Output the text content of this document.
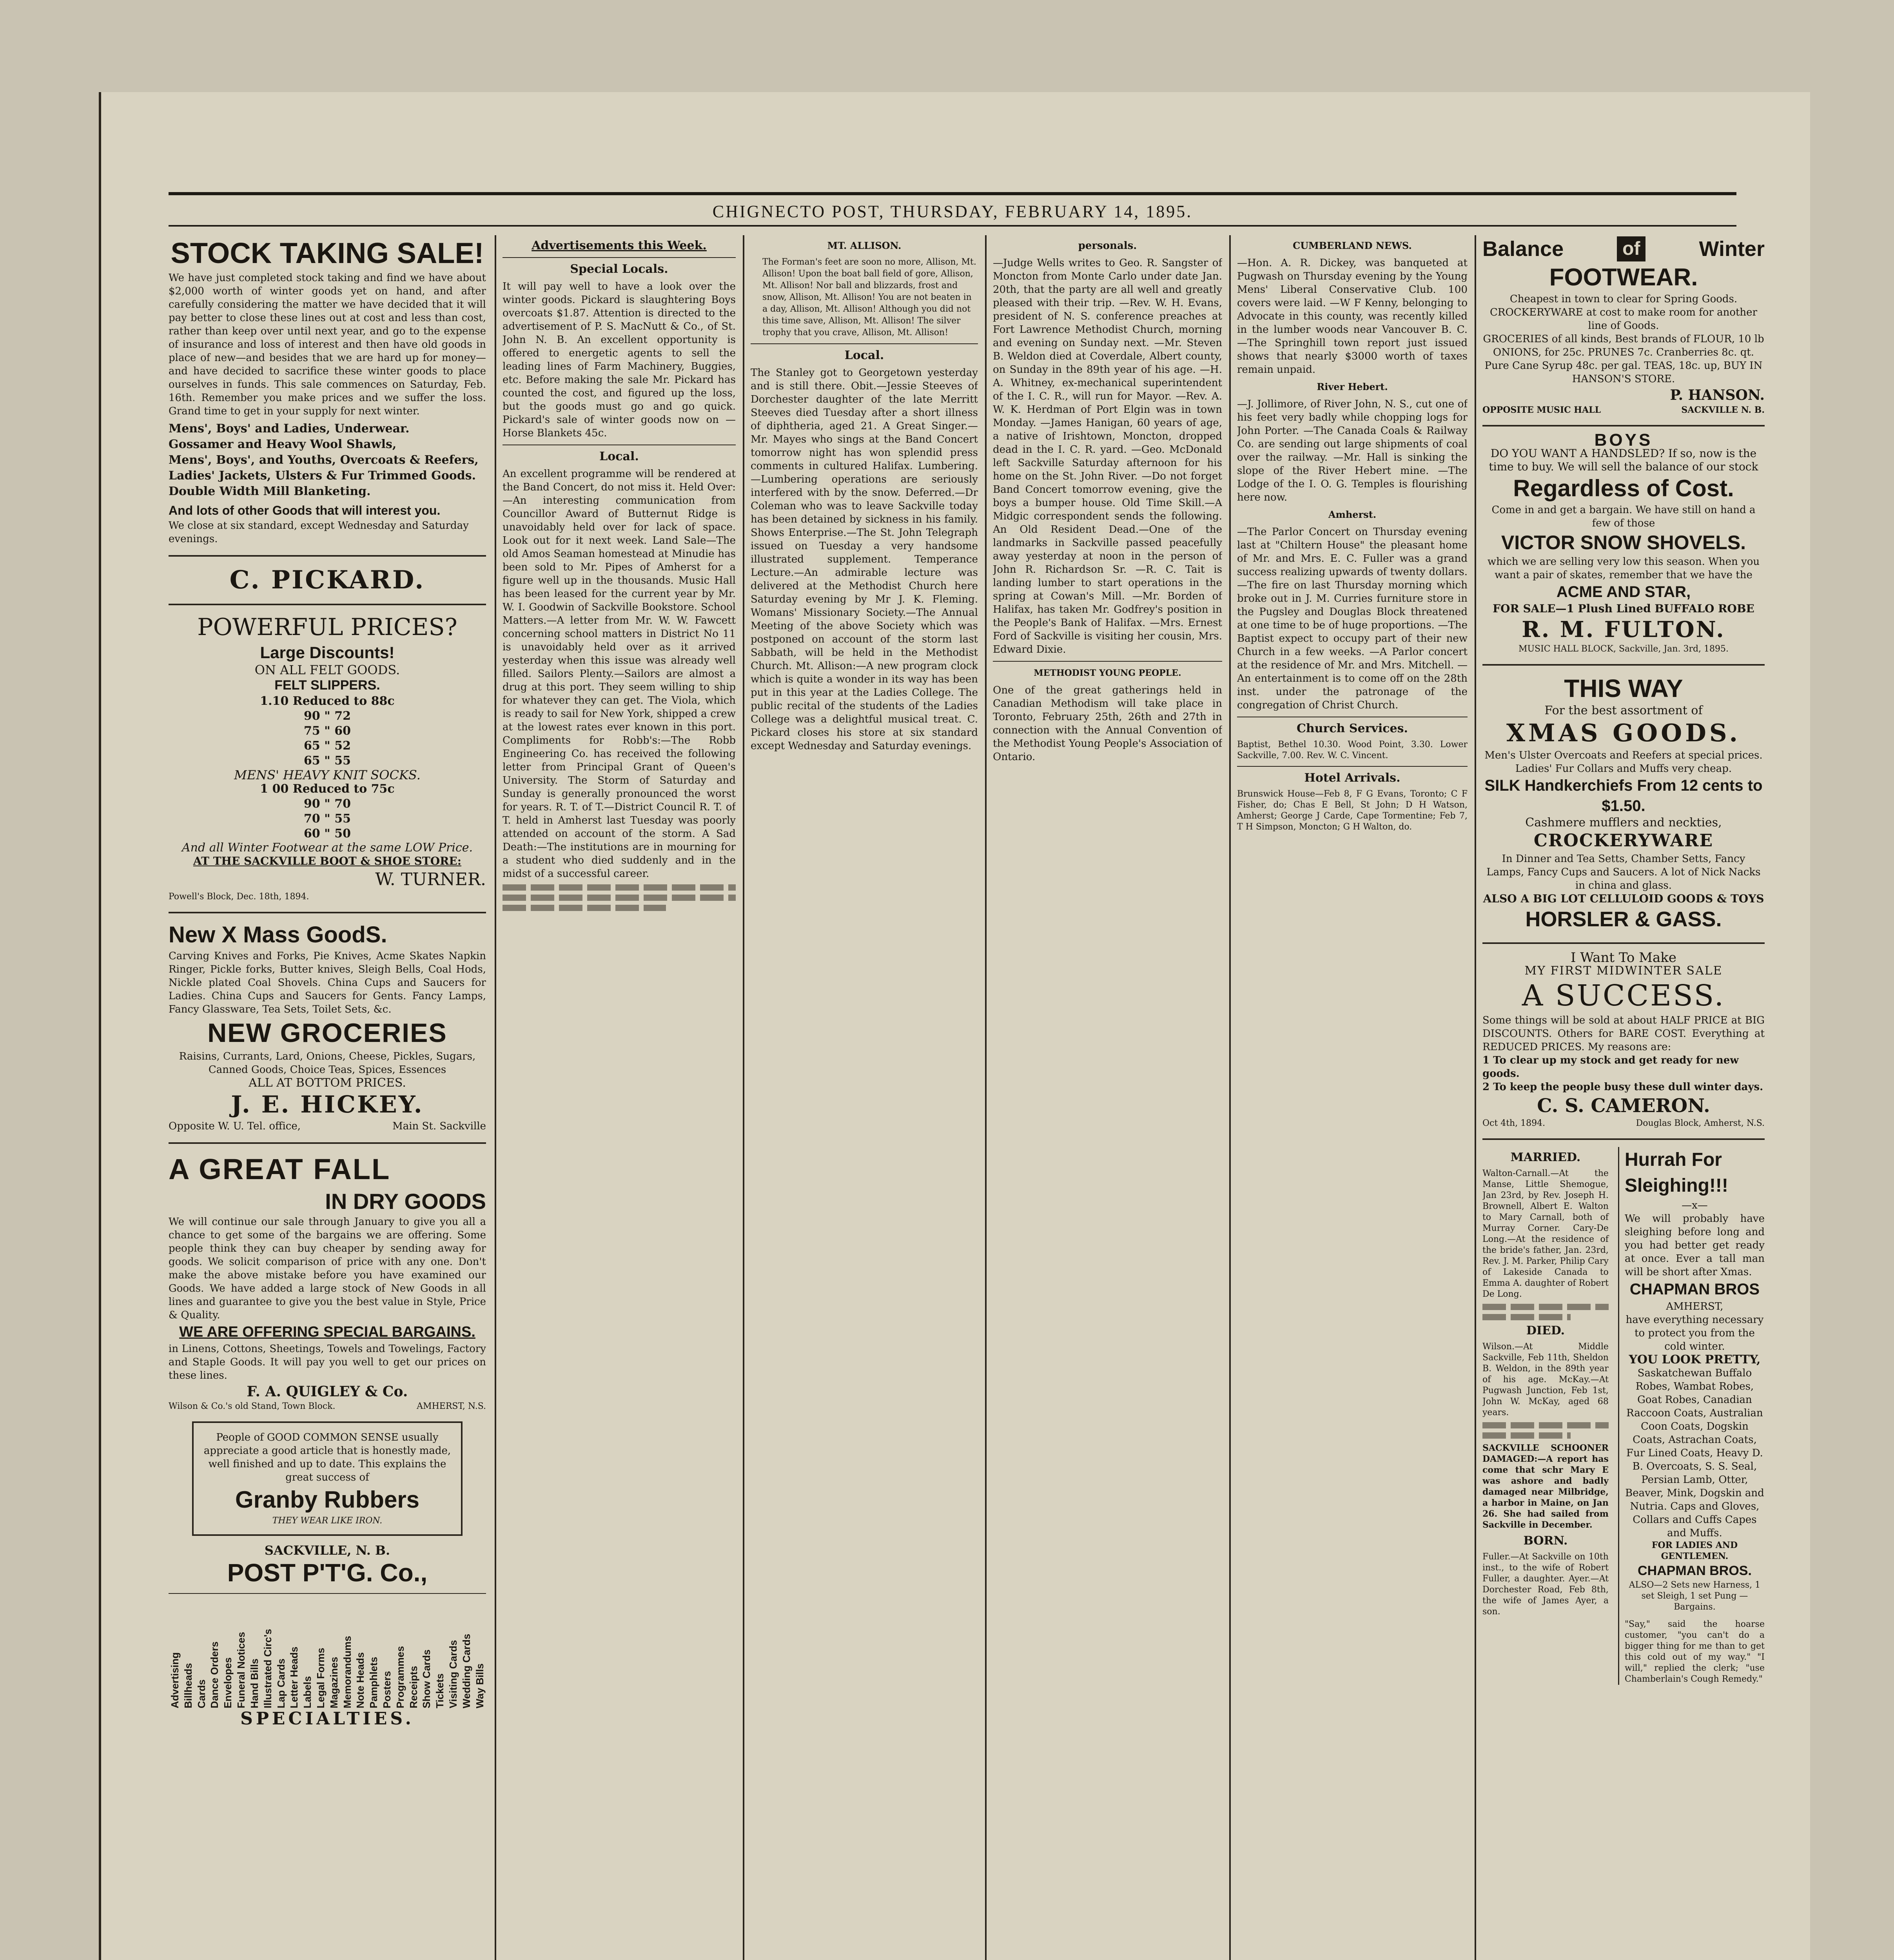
CHIGNECTO POST, THURSDAY, FEBRUARY 14, 1895.
STOCK TAKING SALE!
We have just completed stock taking and find we have about $2,000 worth of winter goods yet on hand, and after carefully considering the matter we have decided that it will pay better to close these lines out at cost and less than cost, rather than keep over until next year, and go to the expense of insurance and loss of interest and then have old goods in place of new—and besides that we are hard up for money—and have decided to sacrifice these winter goods to place ourselves in funds. This sale commences on Saturday, Feb. 16th. Remember you make prices and we suffer the loss. Grand time to get in your supply for next winter.
Mens', Boys' and Ladies, Underwear.
Gossamer and Heavy Wool Shawls,
Mens', Boys', and Youths, Overcoats & Reefers,
Ladies' Jackets, Ulsters & Fur Trimmed Goods.
Double Width Mill Blanketing.
And lots of other Goods that will interest you.
We close at six standard, except Wednesday and Saturday evenings.
C. PICKARD.
POWERFUL PRICES?
Large Discounts!
ON ALL FELT GOODS.
FELT SLIPPERS.
1.10 Reduced to 88c
90 " 72
75 " 60
65 " 52
65 " 55
MENS' HEAVY KNIT SOCKS.
1 00 Reduced to 75c
90 " 70
70 " 55
60 " 50
And all Winter Footwear at the same LOW Price.
AT THE SACKVILLE BOOT & SHOE STORE:
W. TURNER.
Powell's Block, Dec. 18th, 1894.
New X Mass GoodS.
Carving Knives and Forks, Pie Knives, Acme Skates Napkin Ringer, Pickle forks, Butter knives, Sleigh Bells, Coal Hods, Nickle plated Coal Shovels. China Cups and Saucers for Ladies. China Cups and Saucers for Gents. Fancy Lamps, Fancy Glassware, Tea Sets, Toilet Sets, &c.
NEW GROCERIES
Raisins, Currants, Lard, Onions, Cheese, Pickles, Sugars, Canned Goods, Choice Teas, Spices, Essences
ALL AT BOTTOM PRICES.
J. E. HICKEY.
Opposite W. U. Tel. office,	Main St. Sackville
A GREAT FALL
IN DRY GOODS
We will continue our sale through January to give you all a chance to get some of the bargains we are offering. Some people think they can buy cheaper by sending away for goods. We solicit comparison of price with any one. Don't make the above mistake before you have examined our Goods. We have added a large stock of New Goods in all lines and guarantee to give you the best value in Style, Price & Quality.
WE ARE OFFERING SPECIAL BARGAINS.
in Linens, Cottons, Sheetings, Towels and Towelings, Factory and Staple Goods. It will pay you well to get our prices on these lines.
F. A. QUIGLEY & Co.
Wilson & Co.'s old Stand, Town Block.	AMHERST, N.S.
People of GOOD COMMON SENSE usually appreciate a good article that is honestly made, well finished and up to date. This explains the great success of
Granby Rubbers
THEY WEAR LIKE IRON.
SACKVILLE, N. B.
POST P'T'G. Co.,
Advertising Billheads Cards Dance Orders Envelopes Funeral Notices Hand Bills Illustrated Circ's Lap Cards Letter Heads Labels Legal Forms Magazines Memorandums Note Heads Pamphlets Posters Programmes Receipts Show Cards Tickets Visiting Cards Wedding Cards Way Bills
SPECIALTIES.
Advertisements this Week.
Special Locals.
It will pay well to have a look over the winter goods. Pickard is slaughtering Boys overcoats $1.87. Attention is directed to the advertisement of P. S. MacNutt & Co., of St. John N. B. An excellent opportunity is offered to energetic agents to sell the leading lines of Farm Machinery, Buggies, etc. Before making the sale Mr. Pickard has counted the cost, and figured up the loss, but the goods must go and go quick. Pickard's sale of winter goods now on — Horse Blankets 45c.
Local.
An excellent programme will be rendered at the Band Concert, do not miss it. Held Over:—An interesting communication from Councillor Award of Butternut Ridge is unavoidably held over for lack of space. Look out for it next week. Land Sale—The old Amos Seaman homestead at Minudie has been sold to Mr. Pipes of Amherst for a figure well up in the thousands. Music Hall has been leased for the current year by Mr. W. I. Goodwin of Sackville Bookstore. School Matters.—A letter from Mr. W. W. Fawcett concerning school matters in District No 11 is unavoidably held over as it arrived yesterday when this issue was already well filled. Sailors Plenty.—Sailors are almost a drug at this port. They seem willing to ship for whatever they can get. The Viola, which is ready to sail for New York, shipped a crew at the lowest rates ever known in this port. Compliments for Robb's:—The Robb Engineering Co. has received the following letter from Principal Grant of Queen's University. The Storm of Saturday and Sunday is generally pronounced the worst for years. R. T. of T.—District Council R. T. of T. held in Amherst last Tuesday was poorly attended on account of the storm. A Sad Death:—The institutions are in mourning for a student who died suddenly and in the midst of a successful career.
MT. ALLISON.
The Forman's feet are soon no more, Allison, Mt. Allison! Upon the boat ball field of gore, Allison, Mt. Allison! Nor ball and blizzards, frost and snow, Allison, Mt. Allison! You are not beaten in a day, Allison, Mt. Allison! Although you did not this time save, Allison, Mt. Allison! The silver trophy that you crave, Allison, Mt. Allison!
Local.
The Stanley got to Georgetown yesterday and is still there. Obit.—Jessie Steeves of Dorchester daughter of the late Merritt Steeves died Tuesday after a short illness of diphtheria, aged 21. A Great Singer.—Mr. Mayes who sings at the Band Concert tomorrow night has won splendid press comments in cultured Halifax. Lumbering.—Lumbering operations are seriously interfered with by the snow. Deferred.—Dr Coleman who was to leave Sackville today has been detained by sickness in his family. Shows Enterprise.—The St. John Telegraph issued on Tuesday a very handsome illustrated supplement. Temperance Lecture.—An admirable lecture was delivered at the Methodist Church here Saturday evening by Mr J. K. Fleming. Womans' Missionary Society.—The Annual Meeting of the above Society which was postponed on account of the storm last Sabbath, will be held in the Methodist Church. Mt. Allison:—A new program clock which is quite a wonder in its way has been put in this year at the Ladies College. The public recital of the students of the Ladies College was a delightful musical treat. C. Pickard closes his store at six standard except Wednesday and Saturday evenings.
personals.
—Judge Wells writes to Geo. R. Sangster of Moncton from Monte Carlo under date Jan. 20th, that the party are all well and greatly pleased with their trip. —Rev. W. H. Evans, president of N. S. conference preaches at Fort Lawrence Methodist Church, morning and evening on Sunday next. —Mr. Steven B. Weldon died at Coverdale, Albert county, on Sunday in the 89th year of his age. —H. A. Whitney, ex-mechanical superintendent of the I. C. R., will run for Mayor. —Rev. A. W. K. Herdman of Port Elgin was in town Monday. —James Hanigan, 60 years of age, a native of Irishtown, Moncton, dropped dead in the I. C. R. yard. —Geo. McDonald left Sackville Saturday afternoon for his home on the St. John River. —Do not forget Band Concert tomorrow evening, give the boys a bumper house. Old Time Skill.—A Midgic correspondent sends the following. An Old Resident Dead.—One of the landmarks in Sackville passed peacefully away yesterday at noon in the person of John R. Richardson Sr. —R. C. Tait is landing lumber to start operations in the spring at Cowan's Mill. —Mr. Borden of Halifax, has taken Mr. Godfrey's position in the People's Bank of Halifax. —Mrs. Ernest Ford of Sackville is visiting her cousin, Mrs. Edward Dixie.
METHODIST YOUNG PEOPLE.
One of the great gatherings held in Canadian Methodism will take place in Toronto, February 25th, 26th and 27th in connection with the Annual Convention of the Methodist Young People's Association of Ontario.
CUMBERLAND NEWS.
—Hon. A. R. Dickey, was banqueted at Pugwash on Thursday evening by the Young Mens' Liberal Conservative Club. 100 covers were laid. —W F Kenny, belonging to Advocate in this county, was recently killed in the lumber woods near Vancouver B. C. —The Springhill town report just issued shows that nearly $3000 worth of taxes remain unpaid.
River Hebert.
—J. Jollimore, of River John, N. S., cut one of his feet very badly while chopping logs for John Porter. —The Canada Coals & Railway Co. are sending out large shipments of coal over the railway. —Mr. Hall is sinking the slope of the River Hebert mine. —The Lodge of the I. O. G. Temples is flourishing here now.
Amherst.
—The Parlor Concert on Thursday evening last at "Chiltern House" the pleasant home of Mr. and Mrs. E. C. Fuller was a grand success realizing upwards of twenty dollars. —The fire on last Thursday morning which broke out in J. M. Curries furniture store in the Pugsley and Douglas Block threatened at one time to be of huge proportions. —The Baptist expect to occupy part of their new Church in a few weeks. —A Parlor concert at the residence of Mr. and Mrs. Mitchell. —An entertainment is to come off on the 28th inst. under the patronage of the congregation of Christ Church.
Church Services.
Baptist, Bethel 10.30. Wood Point, 3.30. Lower Sackville, 7.00. Rev. W. C. Vincent.
Hotel Arrivals.
Brunswick House—Feb 8, F G Evans, Toronto; C F Fisher, do; Chas E Bell, St John; D H Watson, Amherst; George J Carde, Cape Tormentine; Feb 7, T H Simpson, Moncton; G H Walton, do.
Balance	of	Winter
FOOTWEAR.
Cheapest in town to clear for Spring Goods.
CROCKERYWARE at cost to make room for another line of Goods.
GROCERIES of all kinds, Best brands of FLOUR, 10 lb ONIONS, for 25c. PRUNES 7c. Cranberries 8c. qt. Pure Cane Syrup 48c. per gal. TEAS, 18c. up, BUY IN HANSON'S STORE.
P. HANSON.
OPPOSITE MUSIC HALL	SACKVILLE N. B.
BOYS
DO YOU WANT A HANDSLED? If so, now is the time to buy. We will sell the balance of our stock
Regardless of Cost.
Come in and get a bargain. We have still on hand a few of those
VICTOR SNOW SHOVELS.
which we are selling very low this season. When you want a pair of skates, remember that we have the
ACME AND STAR,
FOR SALE—1 Plush Lined BUFFALO ROBE
R. M. FULTON.
MUSIC HALL BLOCK, Sackville, Jan. 3rd, 1895.
THIS WAY
For the best assortment of
XMAS GOODS.
Men's Ulster Overcoats and Reefers at special prices. Ladies' Fur Collars and Muffs very cheap.
SILK Handkerchiefs From 12 cents to $1.50.
Cashmere mufflers and neckties,
CROCKERYWARE
In Dinner and Tea Setts, Chamber Setts, Fancy Lamps, Fancy Cups and Saucers. A lot of Nick Nacks in china and glass.
ALSO A BIG LOT CELLULOID GOODS & TOYS
HORSLER & GASS.
I Want To Make
MY FIRST MIDWINTER SALE
A SUCCESS.
Some things will be sold at about HALF PRICE at BIG DISCOUNTS. Others for BARE COST. Everything at REDUCED PRICES. My reasons are:
1 To clear up my stock and get ready for new goods.
2 To keep the people busy these dull winter days.
C. S. CAMERON.
Oct 4th, 1894.	Douglas Block, Amherst, N.S.
MARRIED.
Walton-Carnall.—At the Manse, Little Shemogue, Jan 23rd, by Rev. Joseph H. Brownell, Albert E. Walton to Mary Carnall, both of Murray Corner. Cary-De Long.—At the residence of the bride's father, Jan. 23rd, Rev. J. M. Parker, Philip Cary of Lakeside Canada to Emma A. daughter of Robert De Long.
DIED.
Wilson.—At Middle Sackville, Feb 11th, Sheldon B. Weldon, in the 89th year of his age. McKay.—At Pugwash Junction, Feb 1st, John W. McKay, aged 68 years.
SACKVILLE SCHOONER DAMAGED:—A report has come that schr Mary E was ashore and badly damaged near Milbridge, a harbor in Maine, on Jan 26. She had sailed from Sackville in December.
BORN.
Fuller.—At Sackville on 10th inst., to the wife of Robert Fuller, a daughter. Ayer.—At Dorchester Road, Feb 8th, the wife of James Ayer, a son.
Hurrah For Sleighing!!!
—x—
We will probably have sleighing before long and you had better get ready at once. Ever a tall man will be short after Xmas.
CHAPMAN BROS
AMHERST,
have everything necessary to protect you from the cold winter.
YOU LOOK PRETTY,
Saskatchewan Buffalo Robes, Wambat Robes, Goat Robes, Canadian Raccoon Coats, Australian Coon Coats, Dogskin Coats, Astrachan Coats, Fur Lined Coats, Heavy D. B. Overcoats, S. S. Seal, Persian Lamb, Otter, Beaver, Mink, Dogskin and Nutria. Caps and Gloves, Collars and Cuffs Capes and Muffs.
FOR LADIES AND GENTLEMEN.
CHAPMAN BROS.
ALSO—2 Sets new Harness, 1 set Sleigh, 1 set Pung — Bargains.
"Say," said the hoarse customer, "you can't do a bigger thing for me than to get this cold out of my way." "I will," replied the clerk; "use Chamberlain's Cough Remedy."
